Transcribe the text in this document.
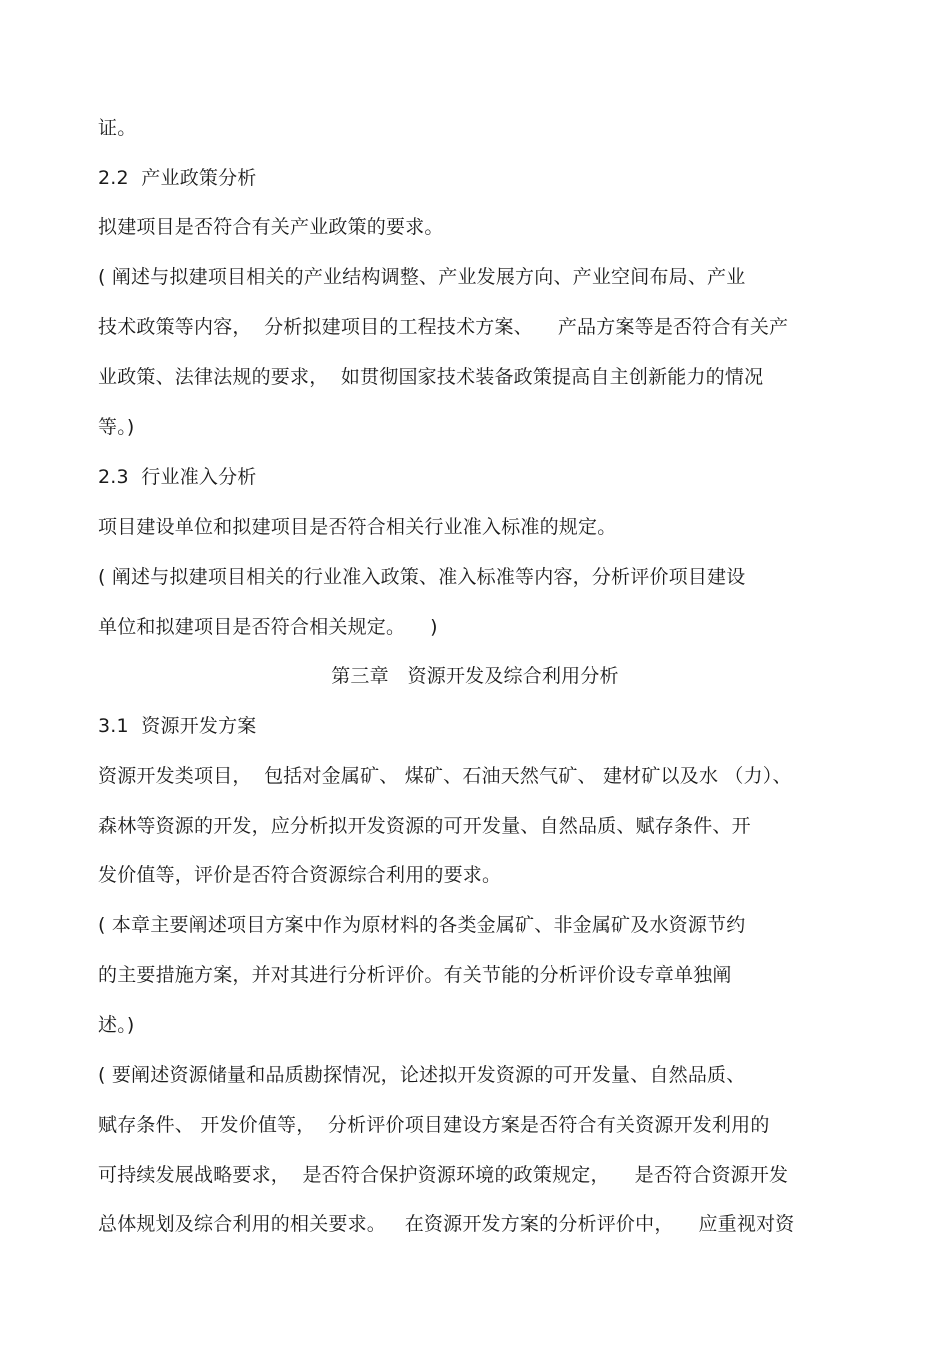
证。
2.2  产业政策分析
拟建项目是否符合有关产业政策的要求。
( 阐述与拟建项目相关的产业结构调整、产业发展方向、产业空间布局、产业
技术政策等内容，  分析拟建项目的工程技术方案、    产品方案等是否符合有关产
业政策、法律法规的要求，  如贯彻国家技术装备政策提高自主创新能力的情况
等。)
2.3  行业准入分析
项目建设单位和拟建项目是否符合相关行业准入标准的规定。
( 阐述与拟建项目相关的行业准入政策、准入标准等内容，分析评价项目建设
单位和拟建项目是否符合相关规定。    )
第三章   资源开发及综合利用分析
3.1  资源开发方案
资源开发类项目，  包括对金属矿、 煤矿、石油天然气矿、 建材矿以及水 （力）、
森林等资源的开发，应分析拟开发资源的可开发量、自然品质、赋存条件、开
发价值等，评价是否符合资源综合利用的要求。
( 本章主要阐述项目方案中作为原材料的各类金属矿、非金属矿及水资源节约
的主要措施方案，并对其进行分析评价。有关节能的分析评价设专章单独阐
述。)
( 要阐述资源储量和品质勘探情况，论述拟开发资源的可开发量、自然品质、
赋存条件、 开发价值等，  分析评价项目建设方案是否符合有关资源开发利用的
可持续发展战略要求，  是否符合保护资源环境的政策规定，    是否符合资源开发
总体规划及综合利用的相关要求。   在资源开发方案的分析评价中，    应重视对资
